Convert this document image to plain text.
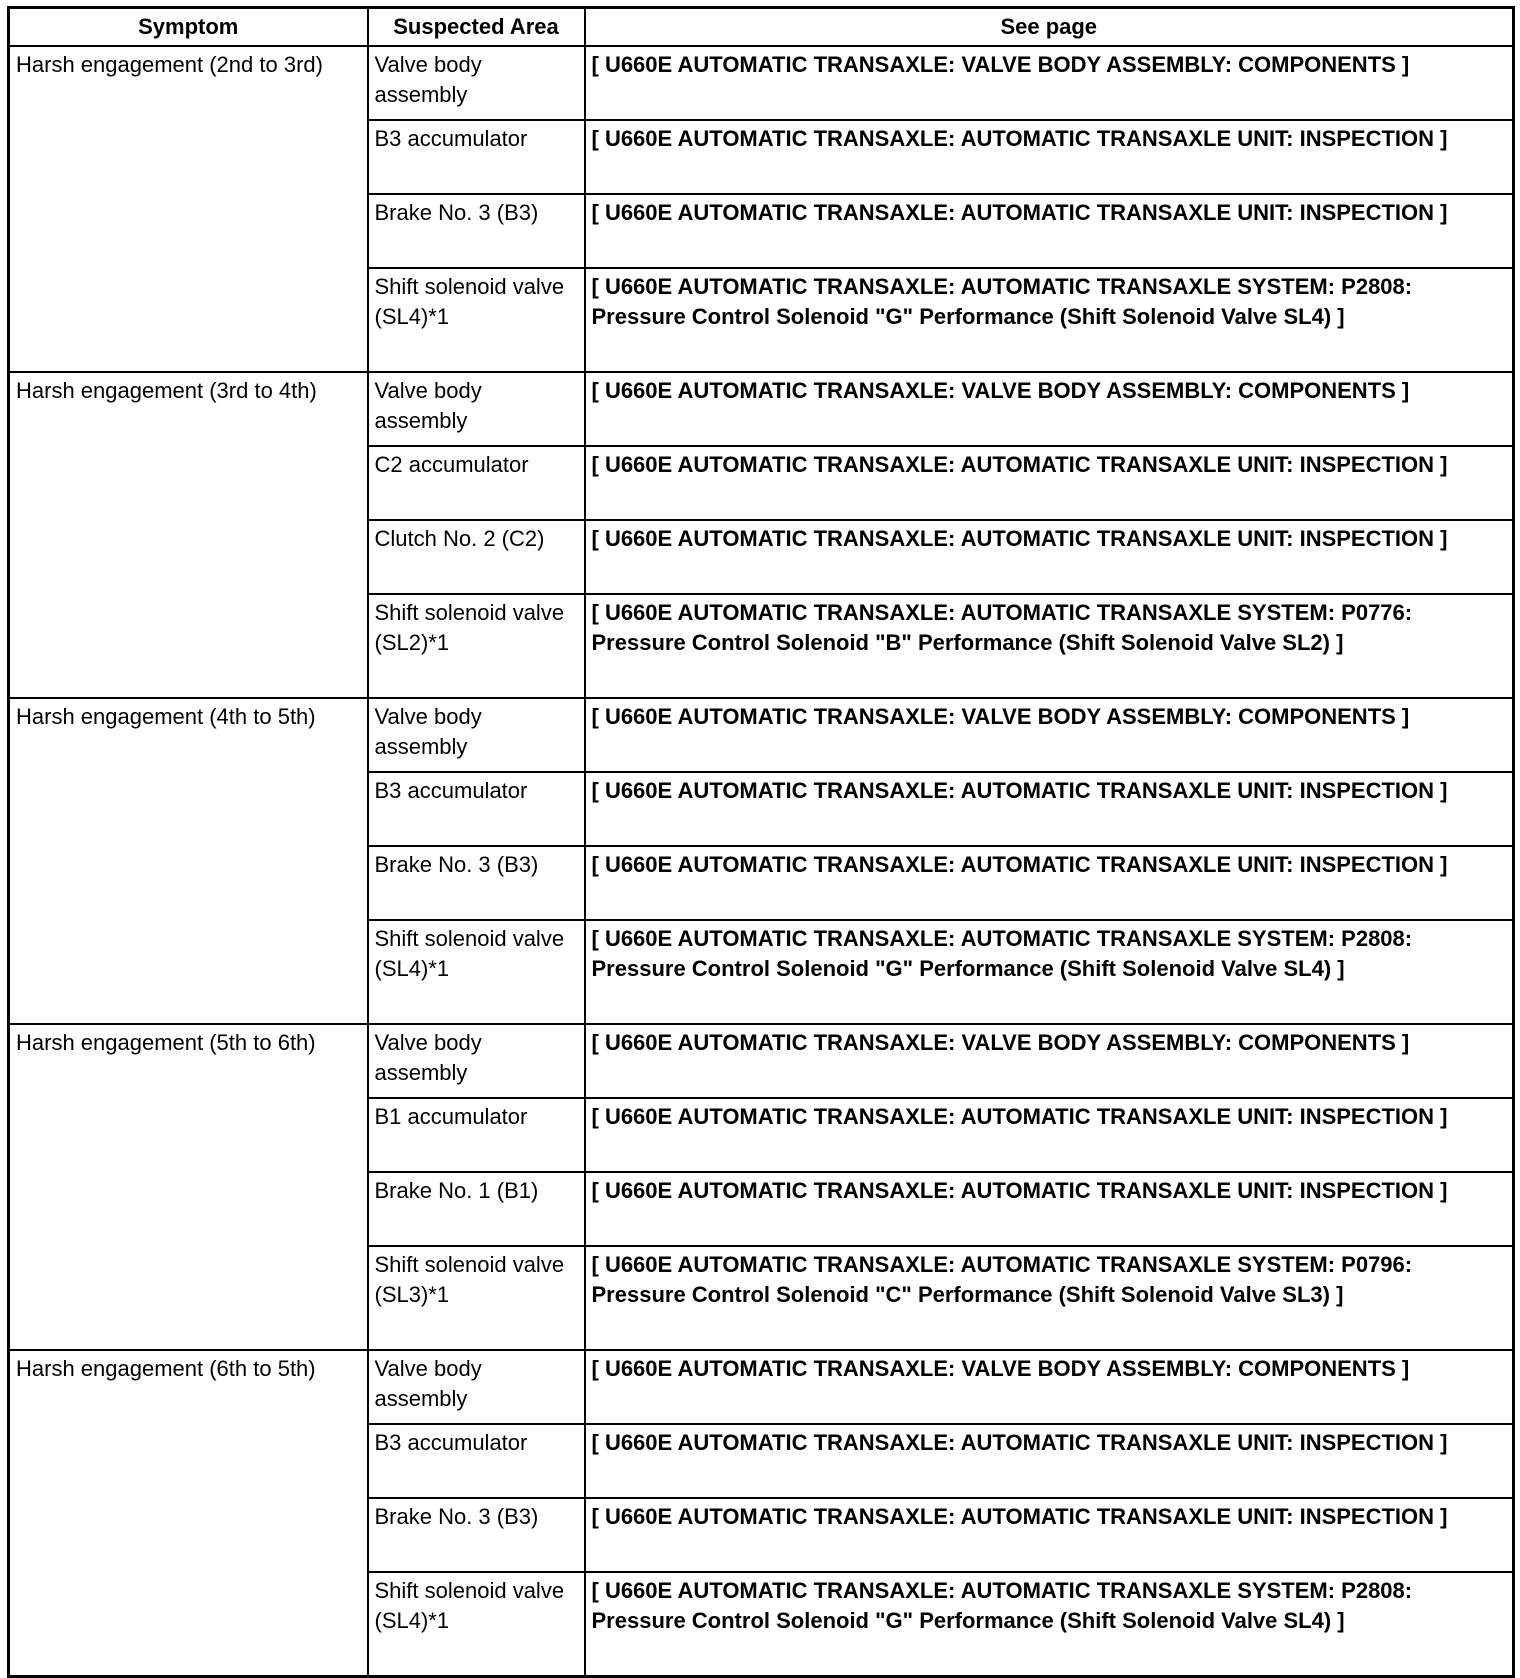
Symptom	Suspected Area	See page
Harsh engagement (2nd to 3rd)	Valve body assembly	[ U660E AUTOMATIC TRANSAXLE: VALVE BODY ASSEMBLY: COMPONENTS ]
	B3 accumulator	[ U660E AUTOMATIC TRANSAXLE: AUTOMATIC TRANSAXLE UNIT: INSPECTION ]
	Brake No. 3 (B3)	[ U660E AUTOMATIC TRANSAXLE: AUTOMATIC TRANSAXLE UNIT: INSPECTION ]
	Shift solenoid valve (SL4)*1	[ U660E AUTOMATIC TRANSAXLE: AUTOMATIC TRANSAXLE SYSTEM: P2808: Pressure Control Solenoid "G" Performance (Shift Solenoid Valve SL4) ]
Harsh engagement (3rd to 4th)	Valve body assembly	[ U660E AUTOMATIC TRANSAXLE: VALVE BODY ASSEMBLY: COMPONENTS ]
	C2 accumulator	[ U660E AUTOMATIC TRANSAXLE: AUTOMATIC TRANSAXLE UNIT: INSPECTION ]
	Clutch No. 2 (C2)	[ U660E AUTOMATIC TRANSAXLE: AUTOMATIC TRANSAXLE UNIT: INSPECTION ]
	Shift solenoid valve (SL2)*1	[ U660E AUTOMATIC TRANSAXLE: AUTOMATIC TRANSAXLE SYSTEM: P0776: Pressure Control Solenoid "B" Performance (Shift Solenoid Valve SL2) ]
Harsh engagement (4th to 5th)	Valve body assembly	[ U660E AUTOMATIC TRANSAXLE: VALVE BODY ASSEMBLY: COMPONENTS ]
	B3 accumulator	[ U660E AUTOMATIC TRANSAXLE: AUTOMATIC TRANSAXLE UNIT: INSPECTION ]
	Brake No. 3 (B3)	[ U660E AUTOMATIC TRANSAXLE: AUTOMATIC TRANSAXLE UNIT: INSPECTION ]
	Shift solenoid valve (SL4)*1	[ U660E AUTOMATIC TRANSAXLE: AUTOMATIC TRANSAXLE SYSTEM: P2808: Pressure Control Solenoid "G" Performance (Shift Solenoid Valve SL4) ]
Harsh engagement (5th to 6th)	Valve body assembly	[ U660E AUTOMATIC TRANSAXLE: VALVE BODY ASSEMBLY: COMPONENTS ]
	B1 accumulator	[ U660E AUTOMATIC TRANSAXLE: AUTOMATIC TRANSAXLE UNIT: INSPECTION ]
	Brake No. 1 (B1)	[ U660E AUTOMATIC TRANSAXLE: AUTOMATIC TRANSAXLE UNIT: INSPECTION ]
	Shift solenoid valve (SL3)*1	[ U660E AUTOMATIC TRANSAXLE: AUTOMATIC TRANSAXLE SYSTEM: P0796: Pressure Control Solenoid "C" Performance (Shift Solenoid Valve SL3) ]
Harsh engagement (6th to 5th)	Valve body assembly	[ U660E AUTOMATIC TRANSAXLE: VALVE BODY ASSEMBLY: COMPONENTS ]
	B3 accumulator	[ U660E AUTOMATIC TRANSAXLE: AUTOMATIC TRANSAXLE UNIT: INSPECTION ]
	Brake No. 3 (B3)	[ U660E AUTOMATIC TRANSAXLE: AUTOMATIC TRANSAXLE UNIT: INSPECTION ]
	Shift solenoid valve (SL4)*1	[ U660E AUTOMATIC TRANSAXLE: AUTOMATIC TRANSAXLE SYSTEM: P2808: Pressure Control Solenoid "G" Performance (Shift Solenoid Valve SL4) ]
